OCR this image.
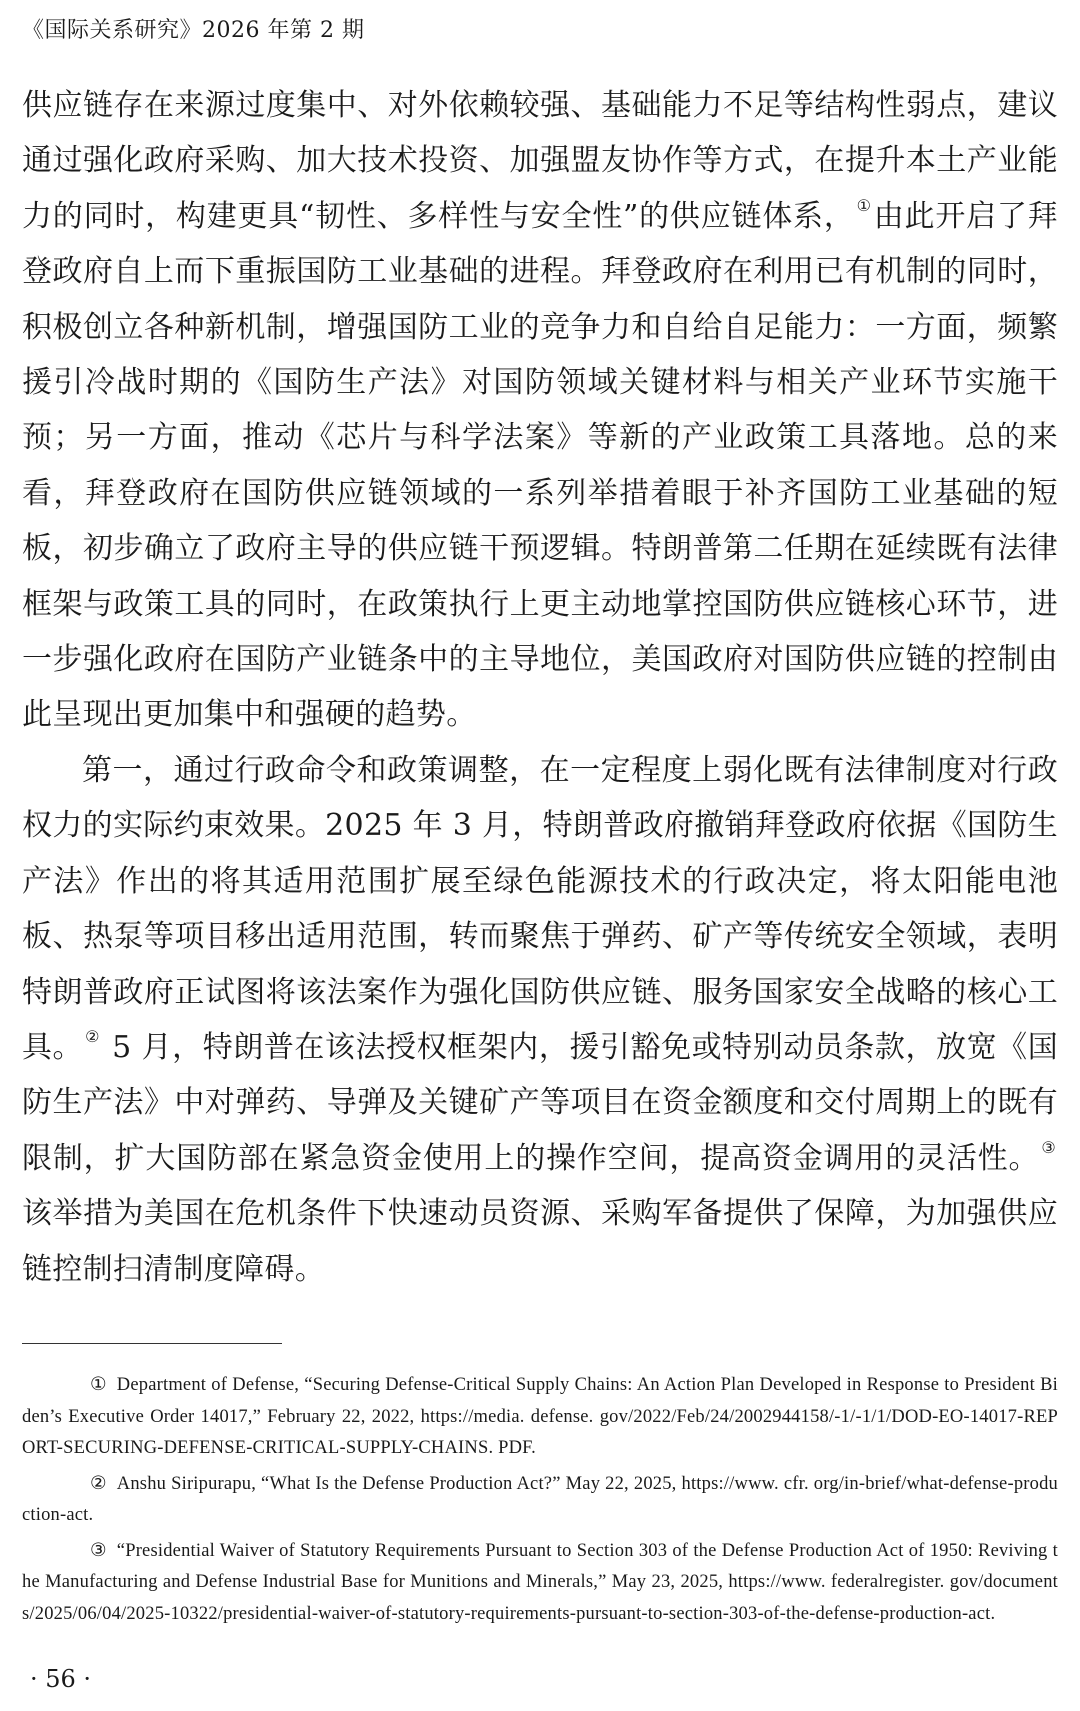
《国际关系研究》2026 年第 2 期

供应链存在来源过度集中、对外依赖较强、基础能力不足等结构性弱点，建议通过强化政府采购、加大技术投资、加强盟友协作等方式，在提升本土产业能力的同时，构建更具“韧性、多样性与安全性”的供应链体系， ①由此开启了拜登政府自上而下重振国防工业基础的进程。拜登政府在利用已有机制的同时，积极创立各种新机制，增强国防工业的竞争力和自给自足能力：一方面，频繁援引冷战时期的《国防生产法》对国防领域关键材料与相关产业环节实施干预；另一方面，推动《芯片与科学法案》等新的产业政策工具落地。总的来看，拜登政府在国防供应链领域的一系列举措着眼于补齐国防工业基础的短板，初步确立了政府主导的供应链干预逻辑。特朗普第二任期在延续既有法律框架与政策工具的同时，在政策执行上更主动地掌控国防供应链核心环节，进一步强化政府在国防产业链条中的主导地位，美国政府对国防供应链的控制由此呈现出更加集中和强硬的趋势。

第一，通过行政命令和政策调整，在一定程度上弱化既有法律制度对行政权力的实际约束效果。2025 年 3 月，特朗普政府撤销拜登政府依据《国防生产法》作出的将其适用范围扩展至绿色能源技术的行政决定，将太阳能电池板、热泵等项目移出适用范围，转而聚焦于弹药、矿产等传统安全领域，表明特朗普政府正试图将该法案作为强化国防供应链、服务国家安全战略的核心工具。 ② 5 月，特朗普在该法授权框架内，援引豁免或特别动员条款，放宽《国防生产法》中对弹药、导弹及关键矿产等项目在资金额度和交付周期上的既有限制，扩大国防部在紧急资金使用上的操作空间，提高资金调用的灵活性。 ③ 该举措为美国在危机条件下快速动员资源、采购军备提供了保障，为加强供应链控制扫清制度障碍。

① Department of Defense, “Securing Defense-Critical Supply Chains: An Action Plan Developed in Response to President Biden’s Executive Order 14017,” February 22, 2022, https://media. defense. gov/2022/Feb/24/2002944158/-1/-1/1/DOD-EO-14017-REPORT-SECURING-DEFENSE-CRITICAL-SUPPLY-CHAINS. PDF.

② Anshu Siripurapu, “What Is the Defense Production Act?” May 22, 2025, https://www. cfr. org/in-brief/what-defense-production-act.

③ “Presidential Waiver of Statutory Requirements Pursuant to Section 303 of the Defense Production Act of 1950: Reviving the Manufacturing and Defense Industrial Base for Munitions and Minerals,” May 23, 2025, https://www. federalregister. gov/documents/2025/06/04/2025-10322/presidential-waiver-of-statutory-requirements-pursuant-to-section-303-of-the-defense-production-act.

· 56 ·
